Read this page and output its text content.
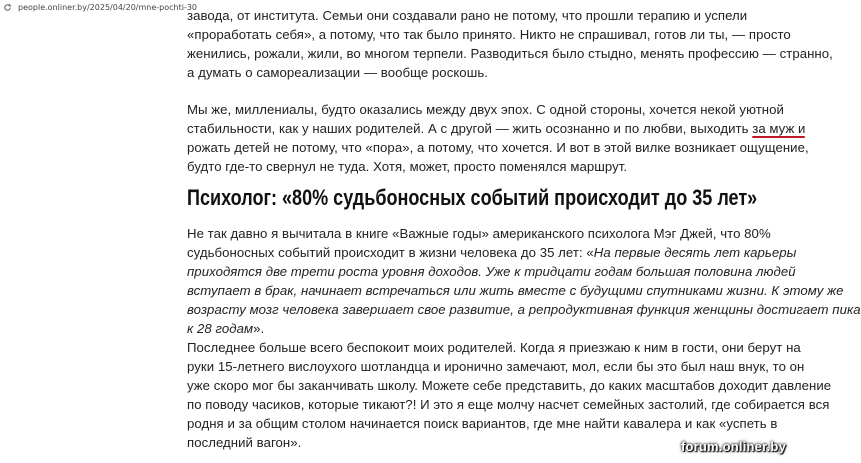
people.onliner.by/2025/04/20/mne-pochti-30
завода, от института. Семьи они создавали рано не потому, что прошли терапию и успели
«проработать себя», а потому, что так было принято. Никто не спрашивал, готов ли ты, — просто
женились, рожали, жили, во многом терпели. Разводиться было стыдно, менять профессию — странно,
а думать о самореализации — вообще роскошь.
Мы же, миллениалы, будто оказались между двух эпох. С одной стороны, хочется некой уютной
стабильности, как у наших родителей. А с другой — жить осознанно и по любви, выходить за муж и
рожать детей не потому, что «пора», а потому, что хочется. И вот в этой вилке возникает ощущение,
будто где-то свернул не туда. Хотя, может, просто поменялся маршрут.
Психолог: «80% судьбоносных событий происходит до 35 лет»
Не так давно я вычитала в книге «Важные годы» американского психолога Мэг Джей, что 80%
судьбоносных событий происходит в жизни человека до 35 лет: «На первые десять лет карьеры
приходятся две трети роста уровня доходов. Уже к тридцати годам большая половина людей
вступает в брак, начинает встречаться или жить вместе с будущими спутниками жизни. К этому же
возрасту мозг человека завершает свое развитие, а репродуктивная функция женщины достигает пика
к 28 годам».
Последнее больше всего беспокоит моих родителей. Когда я приезжаю к ним в гости, они берут на
руки 15-летнего вислоухого шотландца и иронично замечают, мол, если бы это был наш внук, то он
уже скоро мог бы заканчивать школу. Можете себе представить, до каких масштабов доходит давление
по поводу часиков, которые тикают?! И это я еще молчу насчет семейных застолий, где собирается вся
родня и за общим столом начинается поиск вариантов, где мне найти кавалера и как «успеть в
последний вагон».	forum.onliner.by
